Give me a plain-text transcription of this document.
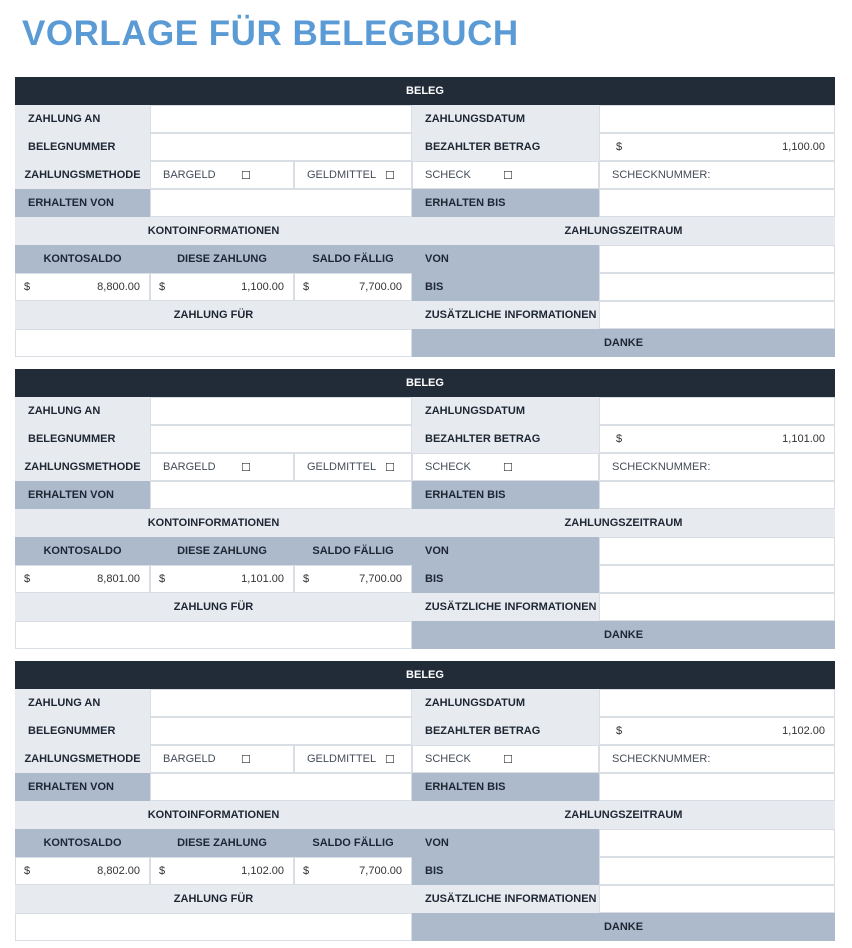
VORLAGE FÜR BELEGBUCH
BELEG
ZAHLUNG AN	ZAHLUNGSDATUM
BELEGNUMMER	BEZAHLTER BETRAG	$	1,100.00
ZAHLUNGSMETHODE	BARGELD ☐	GELDMITTEL ☐	SCHECK	☐	SCHECKNUMMER:
ERHALTEN VON	ERHALTEN BIS
KONTOINFORMATIONEN	ZAHLUNGSZEITRAUM
KONTOSALDO	DIESE ZAHLUNG	SALDO FÄLLIG	VON
$	8,800.00 $	1,100.00 $	7,700.00	BIS
ZAHLUNG FÜR	ZUSÄTZLICHE INFORMATIONEN
DANKE
BELEG
ZAHLUNG AN	ZAHLUNGSDATUM
BELEGNUMMER	BEZAHLTER BETRAG	$	1,101.00
ZAHLUNGSMETHODE	BARGELD ☐	GELDMITTEL ☐	SCHECK	☐	SCHECKNUMMER:
ERHALTEN VON	ERHALTEN BIS
KONTOINFORMATIONEN	ZAHLUNGSZEITRAUM
KONTOSALDO	DIESE ZAHLUNG	SALDO FÄLLIG	VON
$	8,801.00 $	1,101.00 $	7,700.00	BIS
ZAHLUNG FÜR	ZUSÄTZLICHE INFORMATIONEN
DANKE
BELEG
ZAHLUNG AN	ZAHLUNGSDATUM
BELEGNUMMER	BEZAHLTER BETRAG	$	1,102.00
ZAHLUNGSMETHODE	BARGELD ☐	GELDMITTEL ☐	SCHECK	☐	SCHECKNUMMER:
ERHALTEN VON	ERHALTEN BIS
KONTOINFORMATIONEN	ZAHLUNGSZEITRAUM
KONTOSALDO	DIESE ZAHLUNG	SALDO FÄLLIG	VON
$	8,802.00 $	1,102.00 $	7,700.00	BIS
ZAHLUNG FÜR	ZUSÄTZLICHE INFORMATIONEN
DANKE
